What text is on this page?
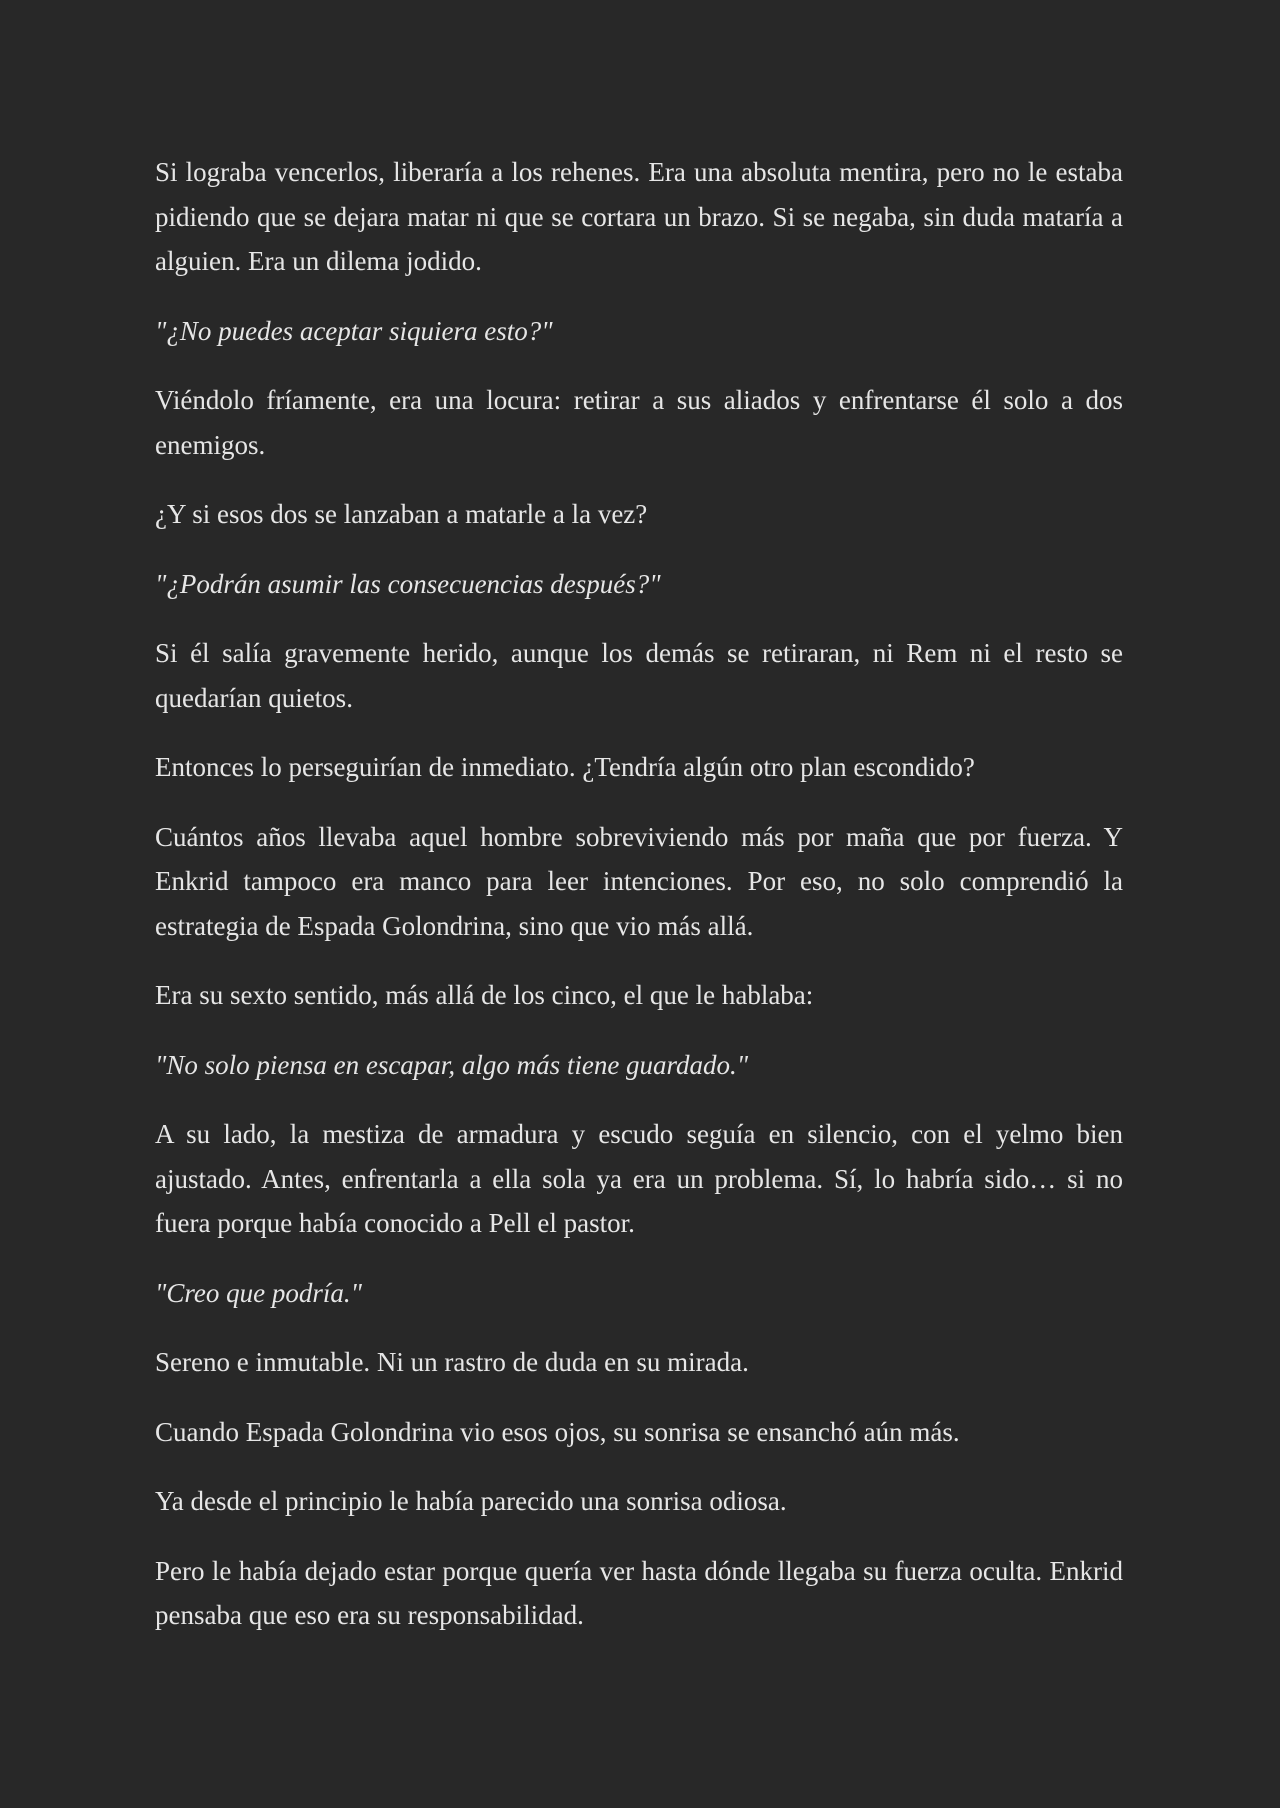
Si lograba vencerlos, liberaría a los rehenes. Era una absoluta mentira, pero no le estaba pidiendo que se dejara matar ni que se cortara un brazo. Si se negaba, sin duda mataría a alguien. Era un dilema jodido.

"¿No puedes aceptar siquiera esto?"

Viéndolo fríamente, era una locura: retirar a sus aliados y enfrentarse él solo a dos enemigos.

¿Y si esos dos se lanzaban a matarle a la vez?

"¿Podrán asumir las consecuencias después?"

Si él salía gravemente herido, aunque los demás se retiraran, ni Rem ni el resto se quedarían quietos.

Entonces lo perseguirían de inmediato. ¿Tendría algún otro plan escondido?

Cuántos años llevaba aquel hombre sobreviviendo más por maña que por fuerza. Y Enkrid tampoco era manco para leer intenciones. Por eso, no solo comprendió la estrategia de Espada Golondrina, sino que vio más allá.

Era su sexto sentido, más allá de los cinco, el que le hablaba:

"No solo piensa en escapar, algo más tiene guardado."

A su lado, la mestiza de armadura y escudo seguía en silencio, con el yelmo bien ajustado. Antes, enfrentarla a ella sola ya era un problema. Sí, lo habría sido… si no fuera porque había conocido a Pell el pastor.

"Creo que podría."

Sereno e inmutable. Ni un rastro de duda en su mirada.

Cuando Espada Golondrina vio esos ojos, su sonrisa se ensanchó aún más.

Ya desde el principio le había parecido una sonrisa odiosa.

Pero le había dejado estar porque quería ver hasta dónde llegaba su fuerza oculta. Enkrid pensaba que eso era su responsabilidad.
